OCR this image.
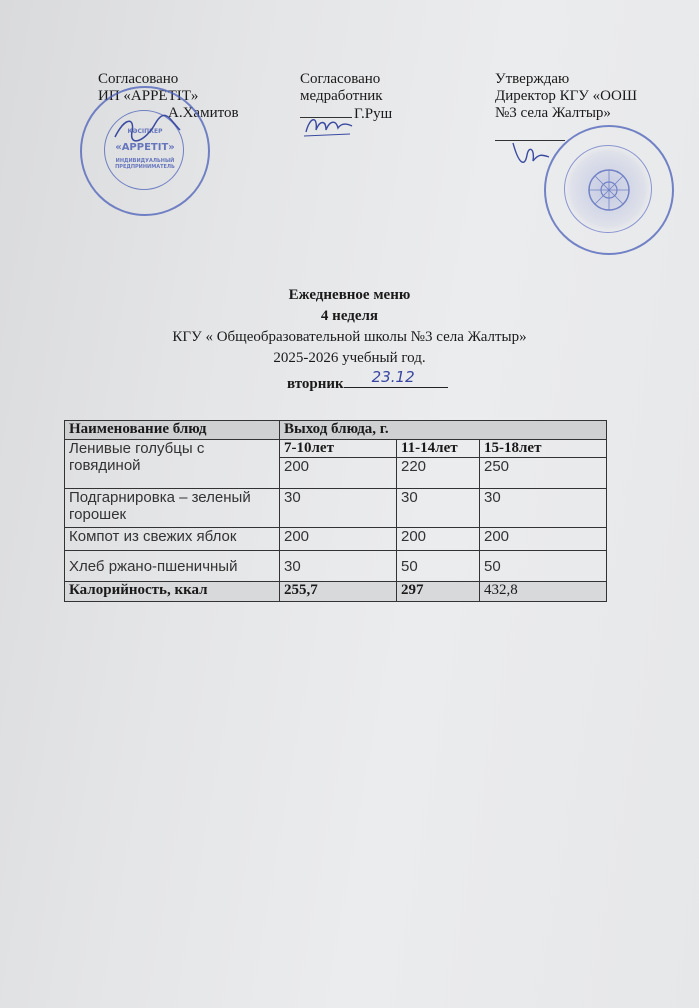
Согласовано
ИП «APPETIT»
А.Хамитов
Согласовано
медработник
Г.Руш
Утверждаю
Директор КГУ «ООШ
№3 села Жалтыр»
КӘСІПКЕР
«APPETIT»
ИНДИВИДУАЛЬНЫЙ ПРЕДПРИНИМАТЕЛЬ
Ежедневное меню
4 неделя
КГУ « Общеобразовательной школы №3 села Жалтыр»
2025-2026 учебный год.
вторник 23.12
Наименование блюд	Выход блюда, г.		
Ленивые голубцы с говядиной	7-10лет	11-14лет	15-18лет
	200	220	250
Подгарнировка – зеленый горошек	30	30	30
Компот из свежих яблок	200	200	200
Хлеб ржано-пшеничный	30	50	50
Калорийность, ккал	255,7	297	432,8
